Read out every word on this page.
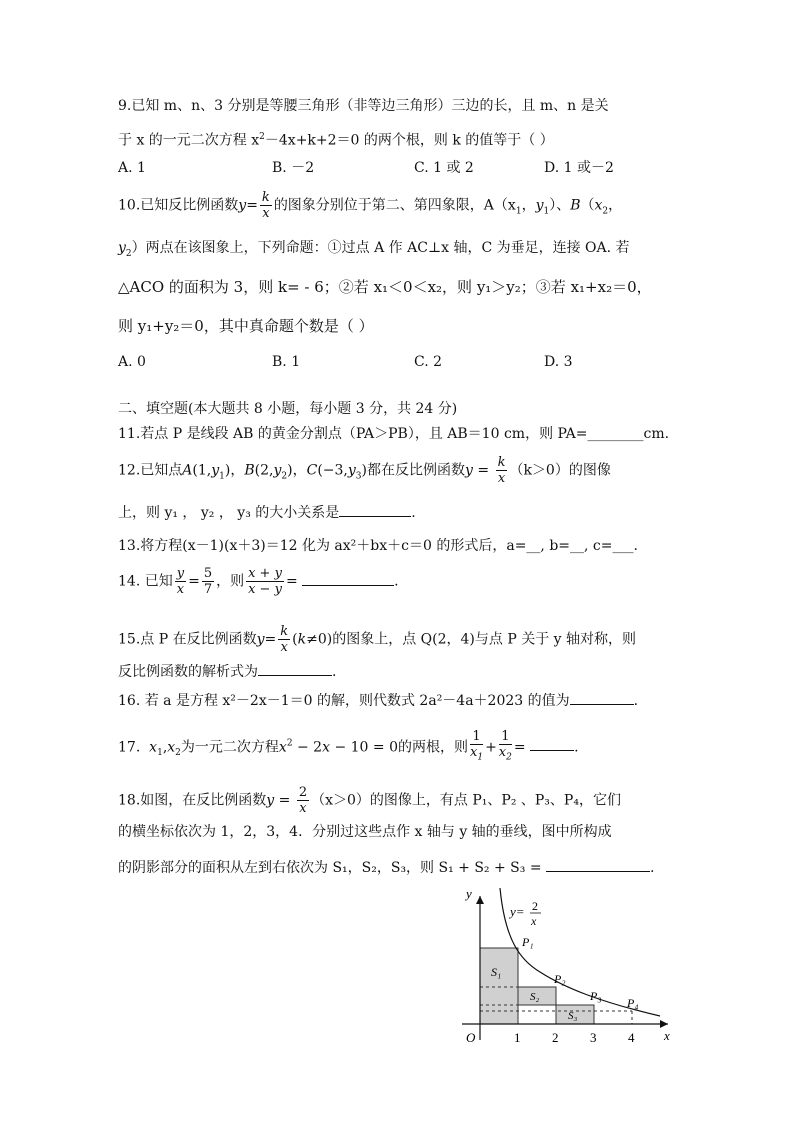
9.已知 m、n、3 分别是等腰三角形（非等边三角形）三边的长，且 m、n 是关
于 x 的一元二次方程 $x^2-4x+k+2=0$ 的两个根，则 k 的值等于（ ）
A. 1	B. －2	C. 1 或 2	D. 1 或－2
10.已知反比例函数$y= \frac{k}{x}$ 的图象分别位于第二、第四象限，$A(x_1$，$y_1$）、$B(x_2$，
$y_2$）两点在该图象上，下列命题：①过点 A 作 AC⊥x 轴，C 为垂足，连接 OA. 若
△ACO 的面积为 3，则 k= - 6；②若 x₁＜0＜x₂，则 y₁＞y₂；③若 x₁+x₂＝0，
则 y₁+y₂＝0，其中真命题个数是（ ）
A. 0	B. 1	C. 2	D. 3
二、填空题(本大题共 8 小题，每小题 3 分，共 24 分)
11.若点 P 是线段 AB 的黄金分割点（PA＞PB），且 AB＝10 cm，则 PA=________cm.
12.已知点$A(1,y_1)$，$B(2,y_2)$，$C(-3,y_3)$都在反比例函数$y = \frac{k}{x} (k>0)$的图像
上，则 y₁ ， y₂ ， y₃ 的大小关系是	.
13.将方程(x－1)(x＋3)＝12 化为 ax²＋bx＋c＝0 的形式后，a=__, b=__, c=___.
14. 已知 $\frac{y}{x} = \frac{5}{7}$ ，则 $\frac{x + y}{x - y}$ =	.
15.点 P 在反比例函数$y= \frac{k}{x} (k\ne 0)$的图象上，点 Q(2，4)与点 P 关于 y 轴对称，则
反比例函数的解析式为	.
16. 若 a 是方程 x²－2x－1＝0 的解，则代数式 2a²－4a＋2023 的值为	.
17. $x_1,x_2$为一元二次方程$x^2 - 2x - 10 = 0$的两根，则 $\frac{1}{x_1} + \frac{1}{x_2}$ =	.
18.如图，在反比例函数$y = \frac{2}{x} (x>0)$的图像上，有点 P₁、P₂ 、P₃、P₄，它们
的横坐标依次为 1，2，3，4．分别过这些点作 x 轴与 y 轴的垂线，图中所构成
的阴影部分的面积从左到右依次为 S₁，S₂，S₃，则 S₁ + S₂ + S₃ =	.
y
x
O	1 2 3 4
y= 2
x
P₁
P₂
P₃ P₄
S₁
S₂
S₃
